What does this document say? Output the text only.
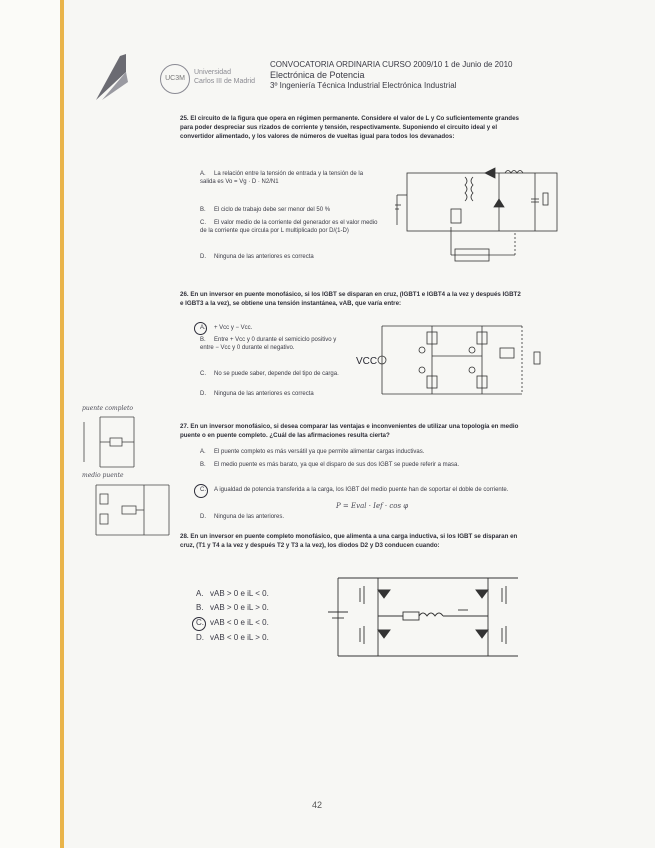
UC3M
Universidad
Carlos III de Madrid
CONVOCATORIA ORDINARIA CURSO 2009/10 1 de Junio de 2010
Electrónica de Potencia
3º Ingeniería Técnica Industrial Electrónica Industrial
25. El circuito de la figura que opera en régimen permanente. Considere el valor de L y Co suficientemente grandes para poder despreciar sus rizados de corriente y tensión, respectivamente. Suponiendo el circuito ideal y el convertidor alimentado, y los valores de números de vueltas igual para todos los devanados:
A. La relación entre la tensión de entrada y la tensión de la salida es Vo = Vg · D · N2/N1
B. El ciclo de trabajo debe ser menor del 50 %
C. El valor medio de la corriente del generador es el valor medio de la corriente que circula por L multiplicado por D/(1-D)
D. Ninguna de las anteriores es correcta
26. En un inversor en puente monofásico, si los IGBT se disparan en cruz, (IGBT1 e IGBT4 a la vez y después IGBT2 e IGBT3 a la vez), se obtiene una tensión instantánea, vAB, que varía entre:
A. + Vcc y − Vcc.
B. Entre + Vcc y 0 durante el semiciclo positivo y entre − Vcc y 0 durante el negativo.
C. No se puede saber, depende del tipo de carga.
D. Ninguna de las anteriores es correcta
VCC
puente completo
medio puente
27. En un inversor monofásico, si desea comparar las ventajas e inconvenientes de utilizar una topología en medio puente o en puente completo. ¿Cuál de las afirmaciones resulta cierta?
A. El puente completo es más versátil ya que permite alimentar cargas inductivas.
B. El medio puente es más barato, ya que el disparo de sus dos IGBT se puede referir a masa.
C. A igualdad de potencia transferida a la carga, los IGBT del medio puente han de soportar el doble de corriente.
P = Eval · Ief · cos φ
D. Ninguna de las anteriores.
28. En un inversor en puente completo monofásico, que alimenta a una carga inductiva, si los IGBT se disparan en cruz, (T1 y T4 a la vez y después T2 y T3 a la vez), los diodos D2 y D3 conducen cuando:
A. vAB > 0 e iL < 0.
B. vAB > 0 e iL > 0.
C. vAB < 0 e iL < 0.
D. vAB < 0 e iL > 0.
42
